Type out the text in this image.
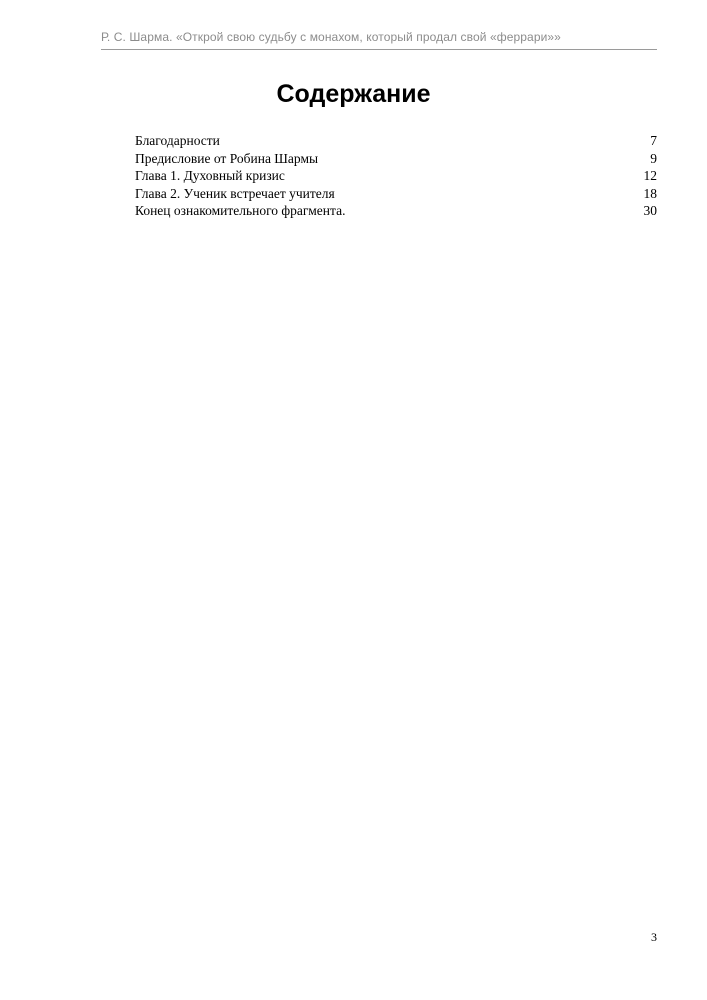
Р. С. Шарма. «Открой свою судьбу с монахом, который продал свой «феррари»»
Содержание
Благодарности	7
Предисловие от Робина Шармы	9
Глава 1. Духовный кризис	12
Глава 2. Ученик встречает учителя	18
Конец ознакомительного фрагмента.	30
3
